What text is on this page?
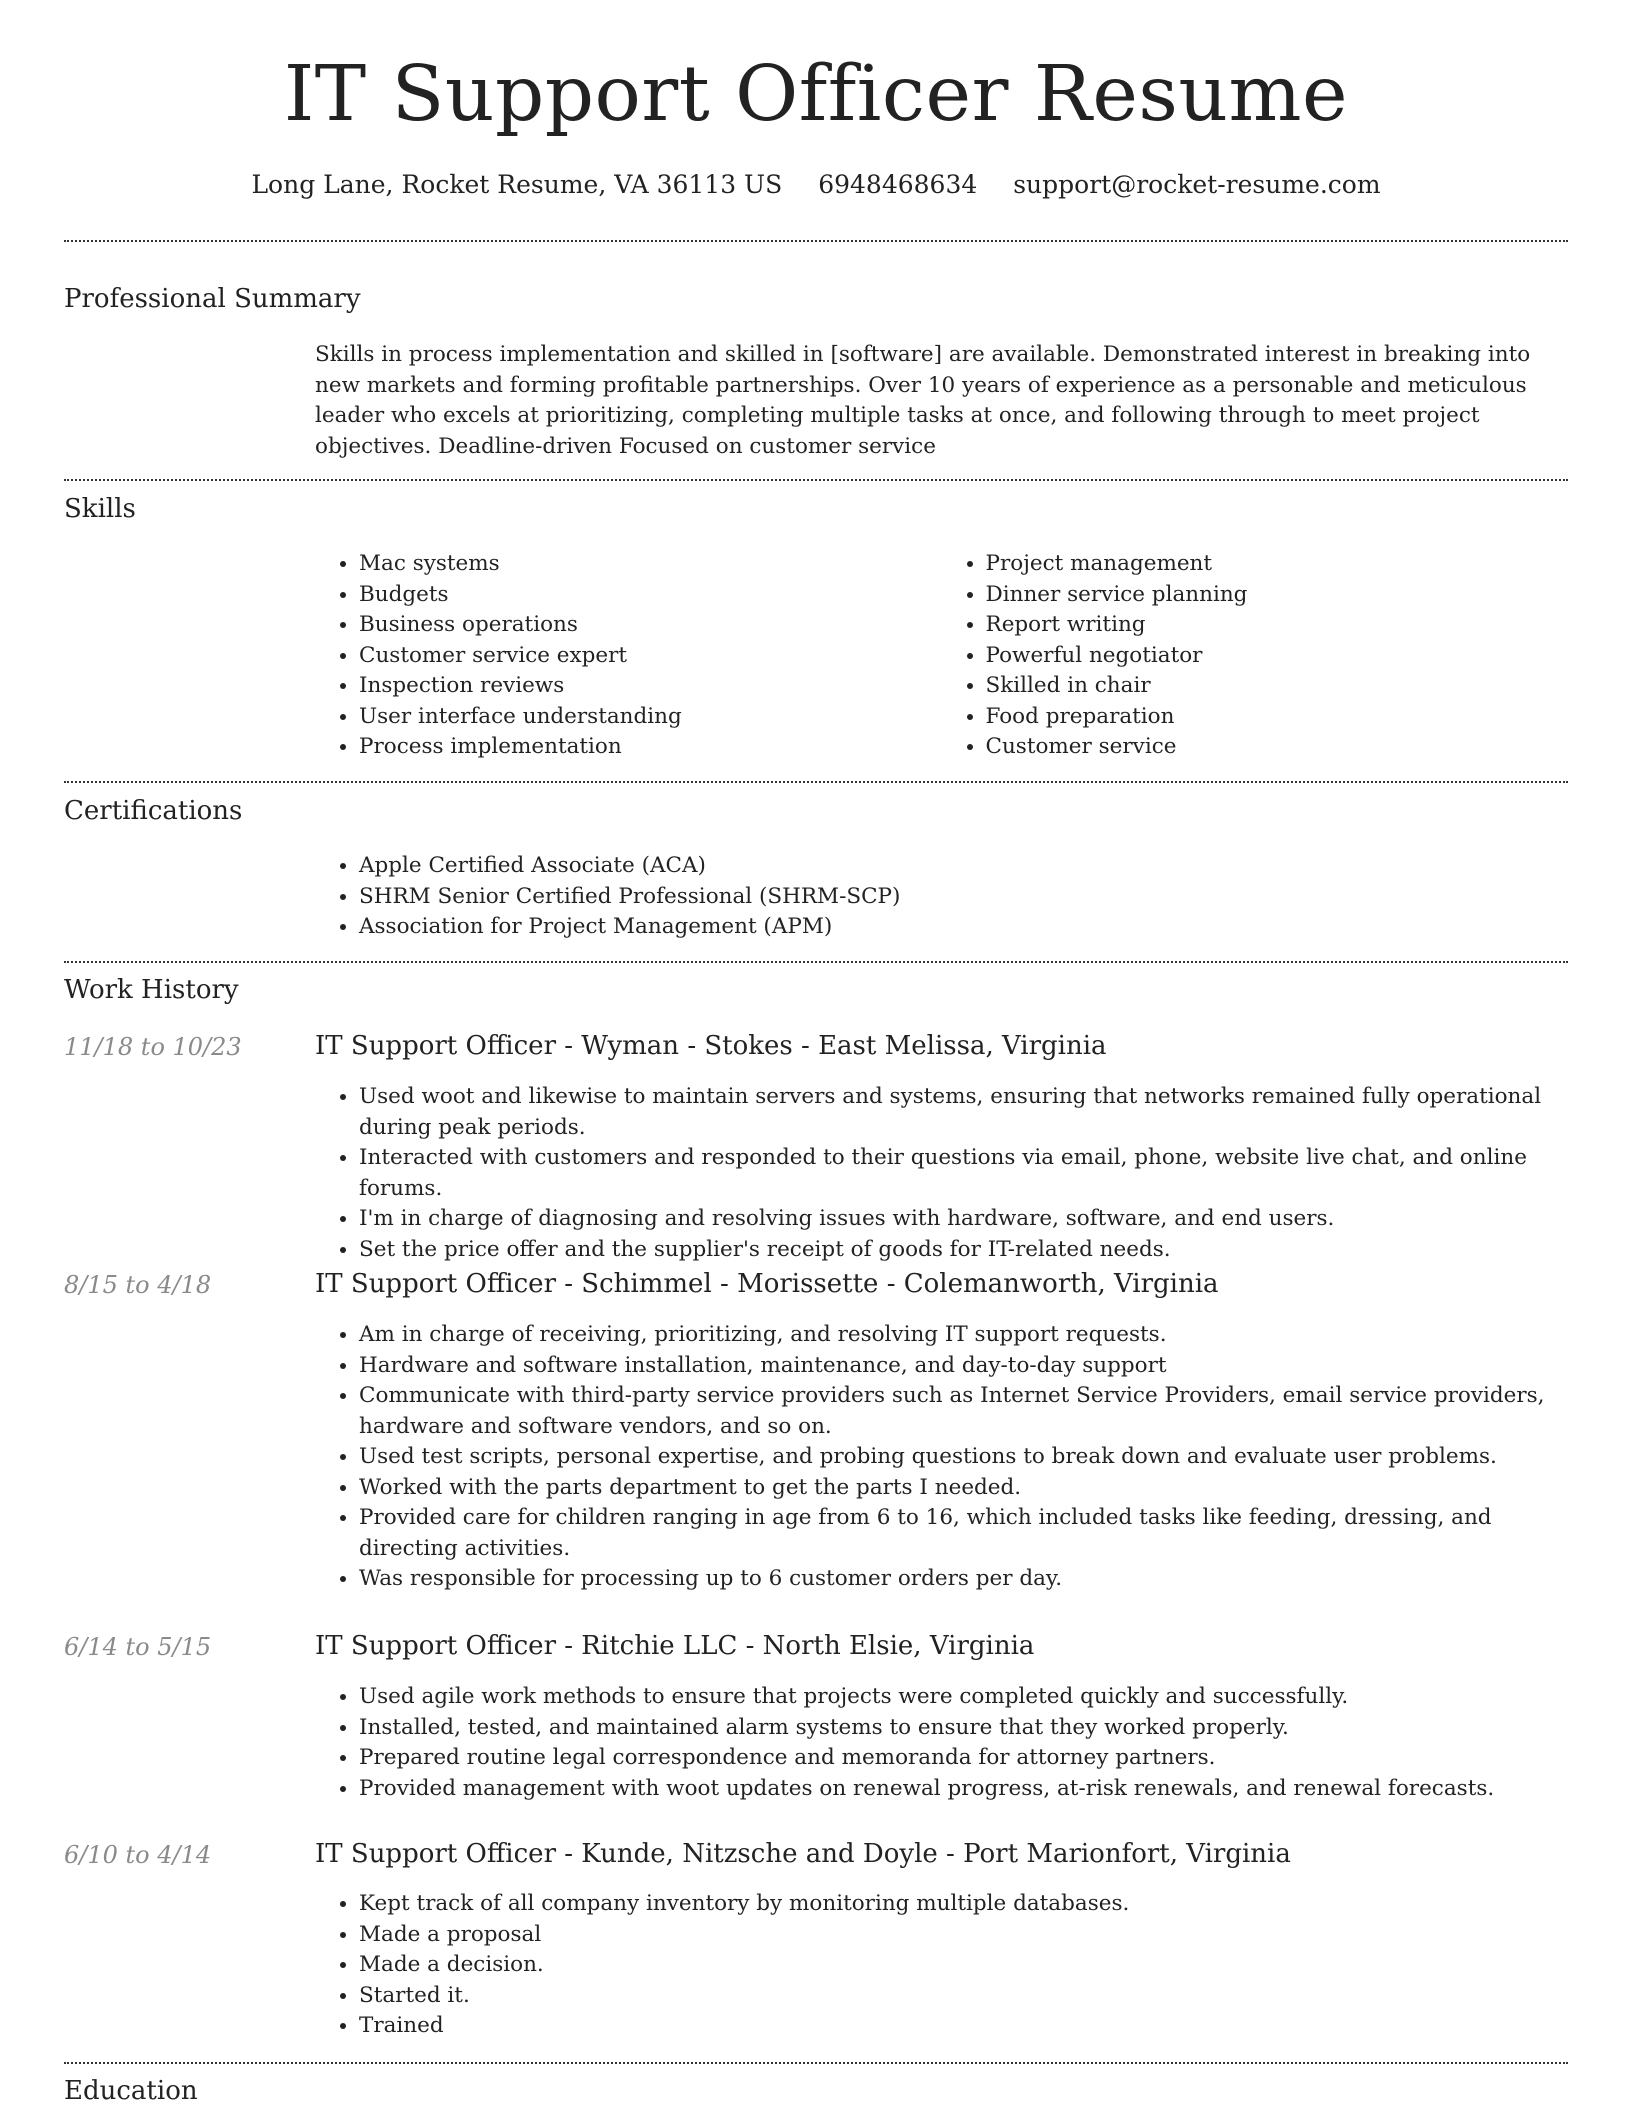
IT Support Officer Resume
Long Lane, Rocket Resume, VA 36113 US 6948468634 support@rocket-resume.com
Professional Summary

Skills in process implementation and skilled in [software] are available. Demonstrated interest in breaking into new markets and forming profitable partnerships. Over 10 years of experience as a personable and meticulous leader who excels at prioritizing, completing multiple tasks at once, and following through to meet project objectives. Deadline-driven Focused on customer service

Skills
• Mac systems
• Budgets
• Business operations
• Customer service expert
• Inspection reviews
• User interface understanding
• Process implementation
• Project management
• Dinner service planning
• Report writing
• Powerful negotiator
• Skilled in chair
• Food preparation
• Customer service
Certifications
• Apple Certified Associate (ACA)
• SHRM Senior Certified Professional (SHRM-SCP)
• Association for Project Management (APM)
Work History
11/18 to 10/23	IT Support Officer - Wyman - Stokes - East Melissa, Virginia
• Used woot and likewise to maintain servers and systems, ensuring that networks remained fully operational during peak periods.
• Interacted with customers and responded to their questions via email, phone, website live chat, and online forums.
• I'm in charge of diagnosing and resolving issues with hardware, software, and end users.
• Set the price offer and the supplier's receipt of goods for IT-related needs.
8/15 to 4/18	IT Support Officer - Schimmel - Morissette - Colemanworth, Virginia
• Am in charge of receiving, prioritizing, and resolving IT support requests.
• Hardware and software installation, maintenance, and day-to-day support
• Communicate with third-party service providers such as Internet Service Providers, email service providers, hardware and software vendors, and so on.
• Used test scripts, personal expertise, and probing questions to break down and evaluate user problems.
• Worked with the parts department to get the parts I needed.
• Provided care for children ranging in age from 6 to 16, which included tasks like feeding, dressing, and directing activities.
• Was responsible for processing up to 6 customer orders per day.
6/14 to 5/15	IT Support Officer - Ritchie LLC - North Elsie, Virginia
• Used agile work methods to ensure that projects were completed quickly and successfully.
• Installed, tested, and maintained alarm systems to ensure that they worked properly.
• Prepared routine legal correspondence and memoranda for attorney partners.
• Provided management with woot updates on renewal progress, at-risk renewals, and renewal forecasts.
6/10 to 4/14	IT Support Officer - Kunde, Nitzsche and Doyle - Port Marionfort, Virginia
• Kept track of all company inventory by monitoring multiple databases.
• Made a proposal
• Made a decision.
• Started it.
• Trained
Education
